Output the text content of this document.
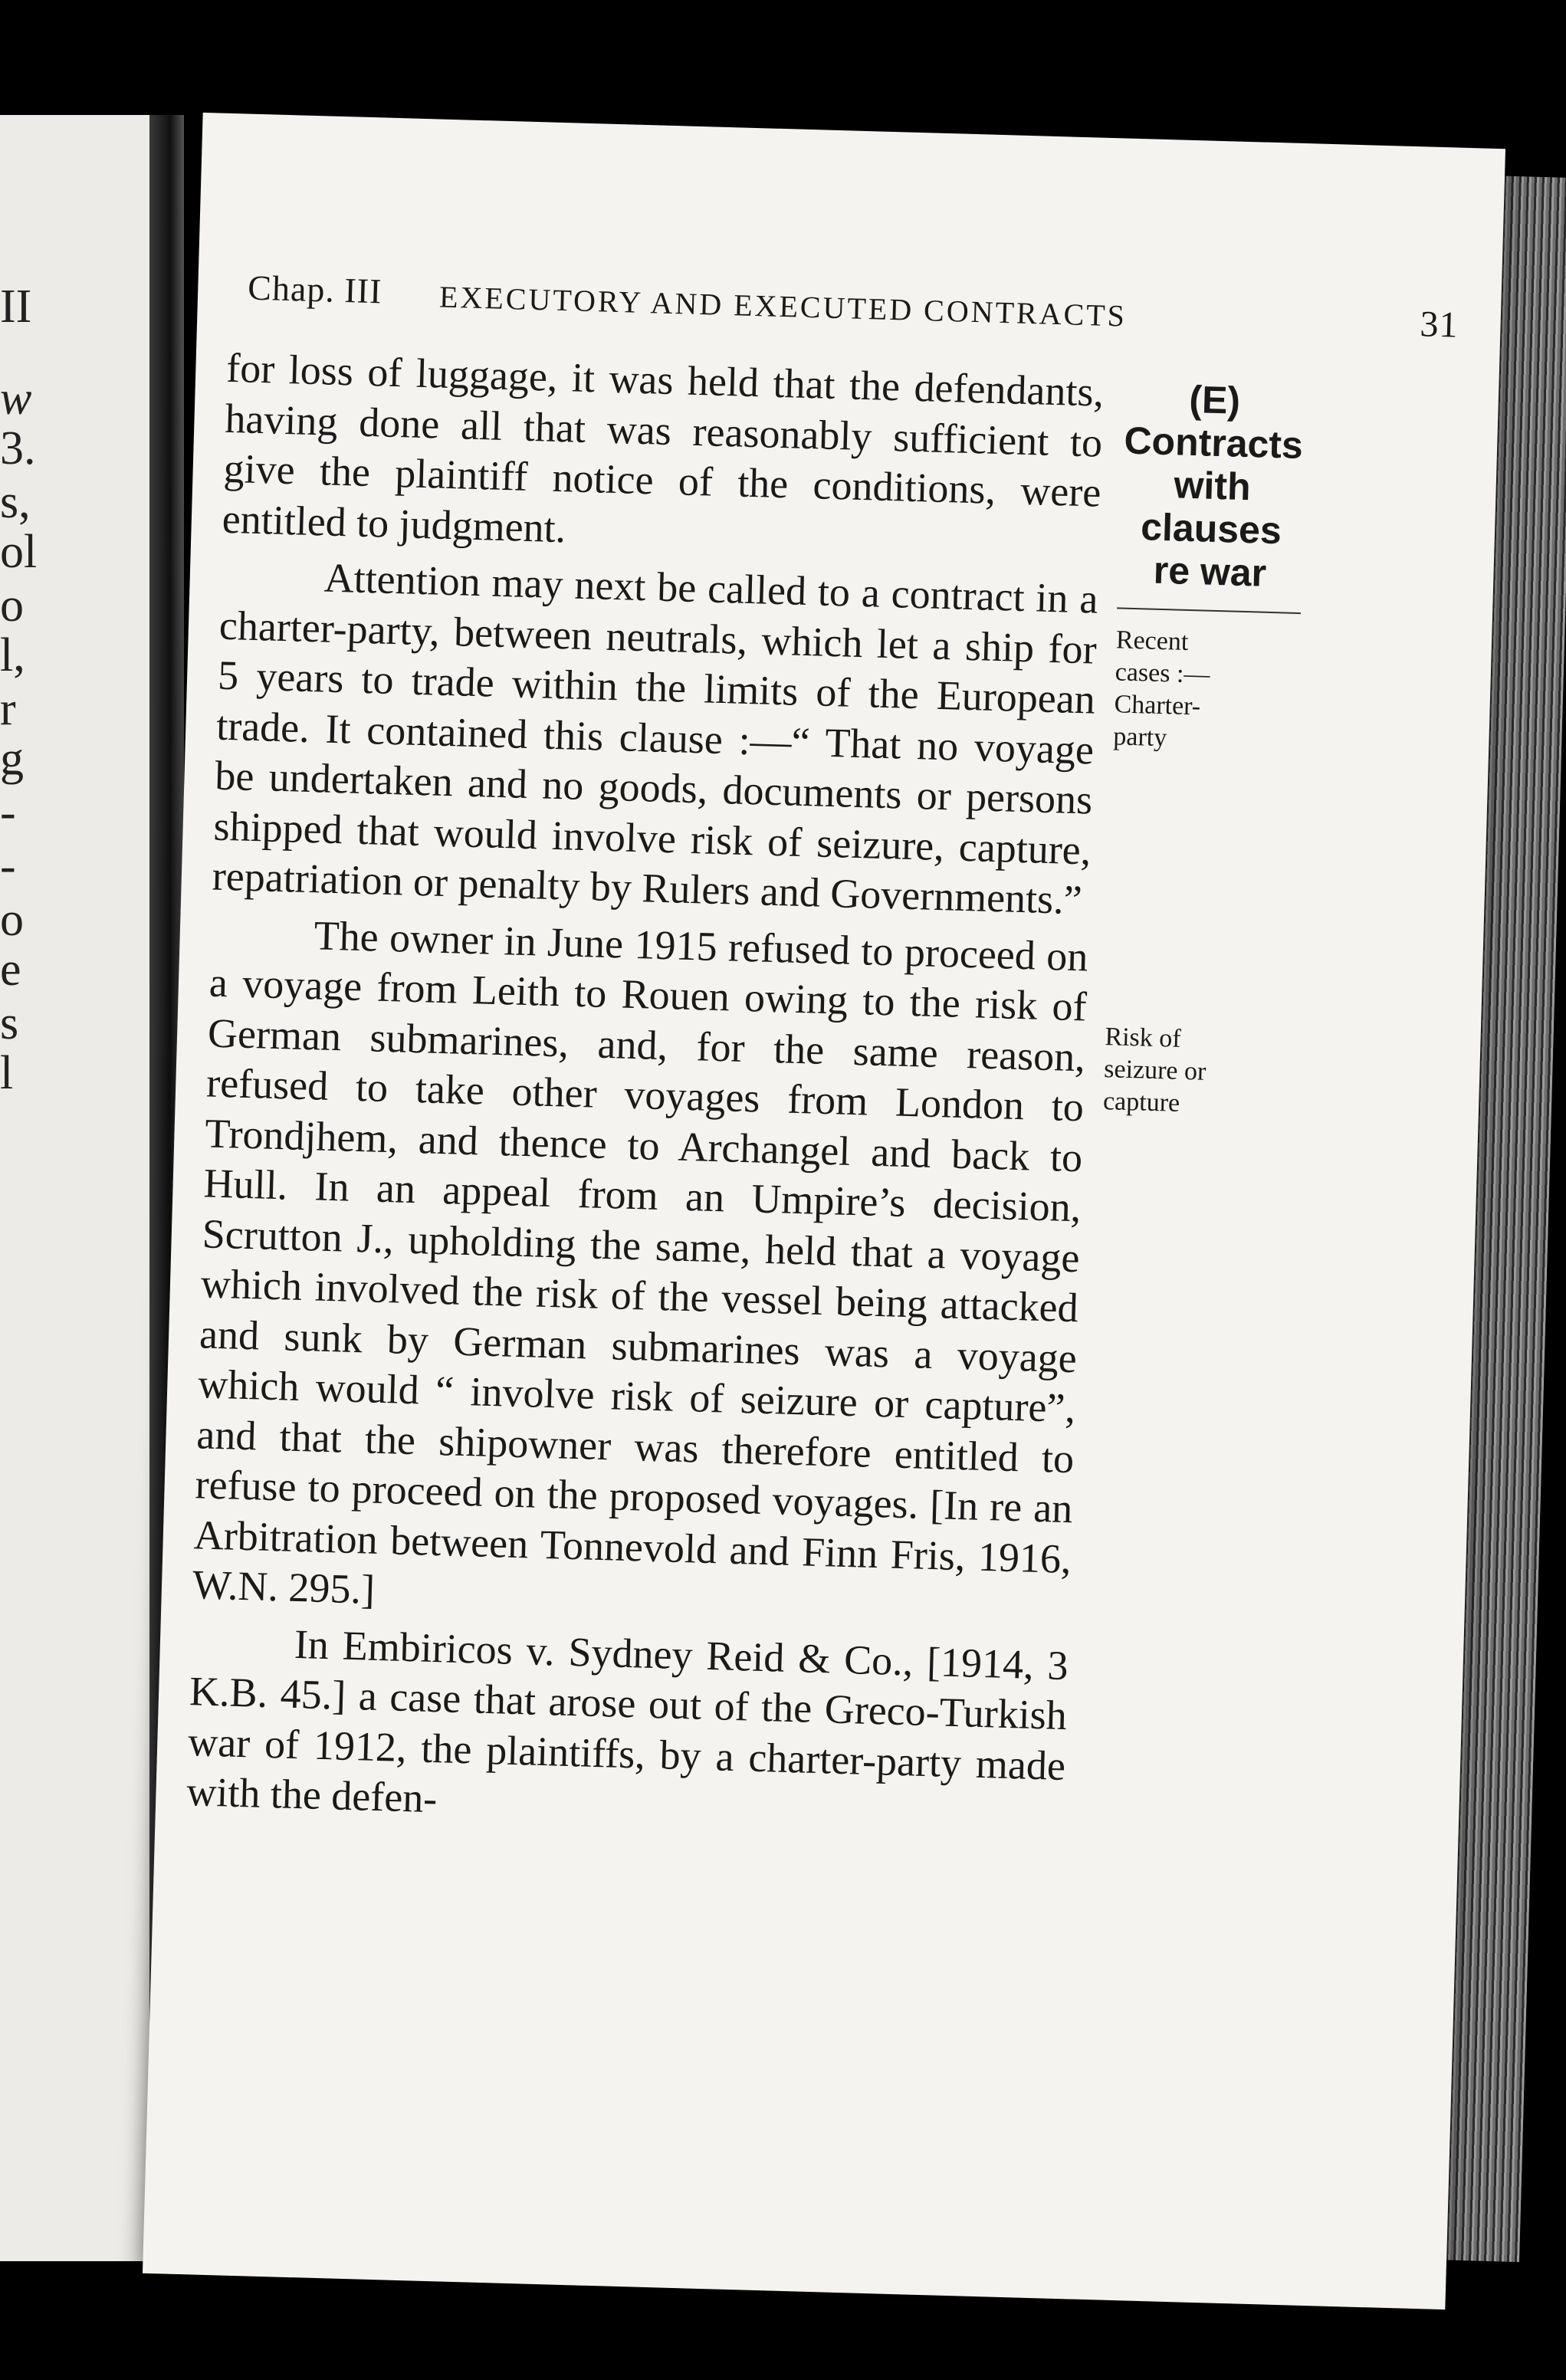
II
w
3.
s,
ol
o
l,
r
g
-
-
o
e
s
l
Chap. III EXECUTORY AND EXECUTED CONTRACTS	31

for loss of luggage, it was held that the defendants, having done all that was reasonably sufficient to give the plaintiff notice of the conditions, were entitled to judgment.

Attention may next be called to a contract in a charter-party, between neutrals, which let a ship for 5 years to trade within the limits of the European trade. It contained this clause :—“ That no voyage be undertaken and no goods, documents or persons shipped that would involve risk of seizure, capture, repatriation or penalty by Rulers and Governments.”

The owner in June 1915 refused to proceed on a voyage from Leith to Rouen owing to the risk of German submarines, and, for the same reason, refused to take other voyages from London to Trondjhem, and thence to Archangel and back to Hull. In an appeal from an Umpire’s decision, Scrutton J., upholding the same, held that a voyage which involved the risk of the vessel being attacked and sunk by German submarines was a voyage which would “ involve risk of seizure or capture”, and that the shipowner was therefore entitled to refuse to proceed on the proposed voyages. [In re an Arbitration between Tonnevold and Finn Fris, 1916, W.N. 295.]

In Embiricos v. Sydney Reid & Co., [1914, 3 K.B. 45.] a case that arose out of the Greco-Turkish war of 1912, the plaintiffs, by a charter-party made with the defen-

(E)
Contracts
with
clauses
re war
Recent
cases :—
Charter-
party
Risk of
seizure or
capture
